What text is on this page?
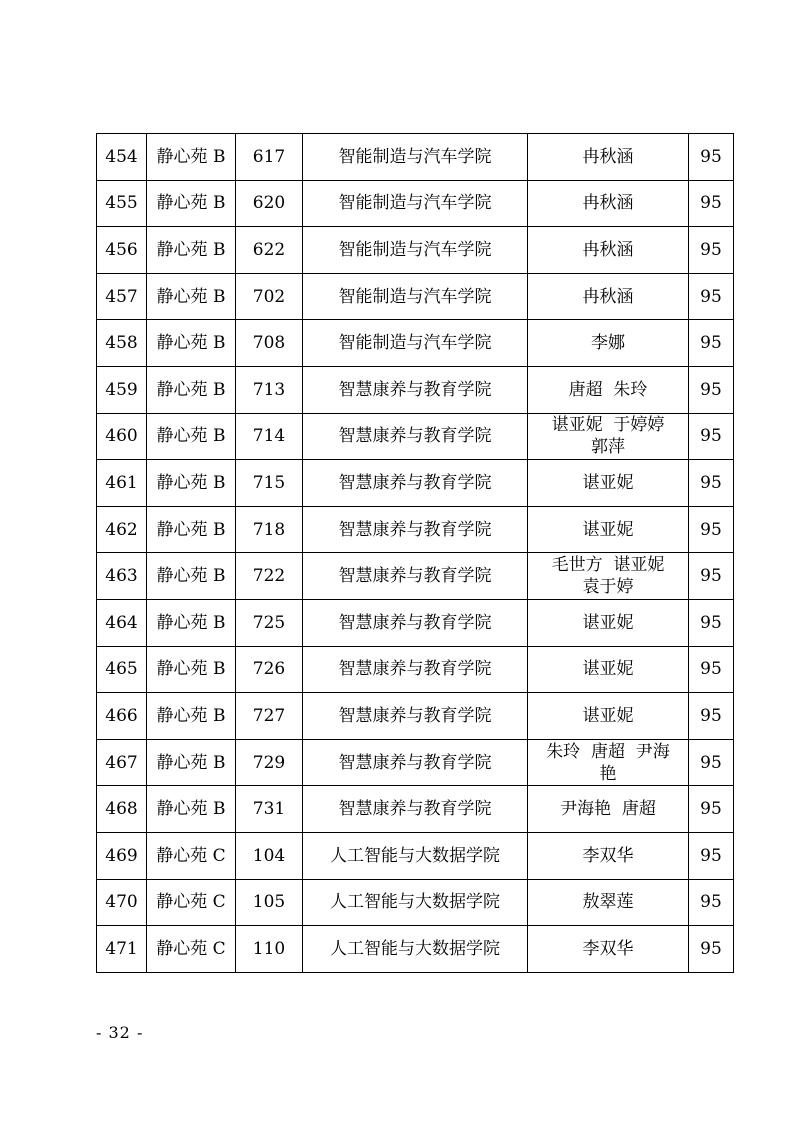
454	静心苑 B	617	智能制造与汽车学院	冉秋涵	95
455	静心苑 B	620	智能制造与汽车学院	冉秋涵	95
456	静心苑 B	622	智能制造与汽车学院	冉秋涵	95
457	静心苑 B	702	智能制造与汽车学院	冉秋涵	95
458	静心苑 B	708	智能制造与汽车学院	李娜	95
459	静心苑 B	713	智慧康养与教育学院	唐超  朱玲	95
460	静心苑 B	714	智慧康养与教育学院	谌亚妮  于婷婷
郭萍	95
461	静心苑 B	715	智慧康养与教育学院	谌亚妮	95
462	静心苑 B	718	智慧康养与教育学院	谌亚妮	95
463	静心苑 B	722	智慧康养与教育学院	毛世方  谌亚妮
袁于婷	95
464	静心苑 B	725	智慧康养与教育学院	谌亚妮	95
465	静心苑 B	726	智慧康养与教育学院	谌亚妮	95
466	静心苑 B	727	智慧康养与教育学院	谌亚妮	95
467	静心苑 B	729	智慧康养与教育学院	朱玲  唐超  尹海
艳	95
468	静心苑 B	731	智慧康养与教育学院	尹海艳  唐超	95
469	静心苑 C	104	人工智能与大数据学院	李双华	95
470	静心苑 C	105	人工智能与大数据学院	敖翠莲	95
471	静心苑 C	110	人工智能与大数据学院	李双华	95
- 32 -
